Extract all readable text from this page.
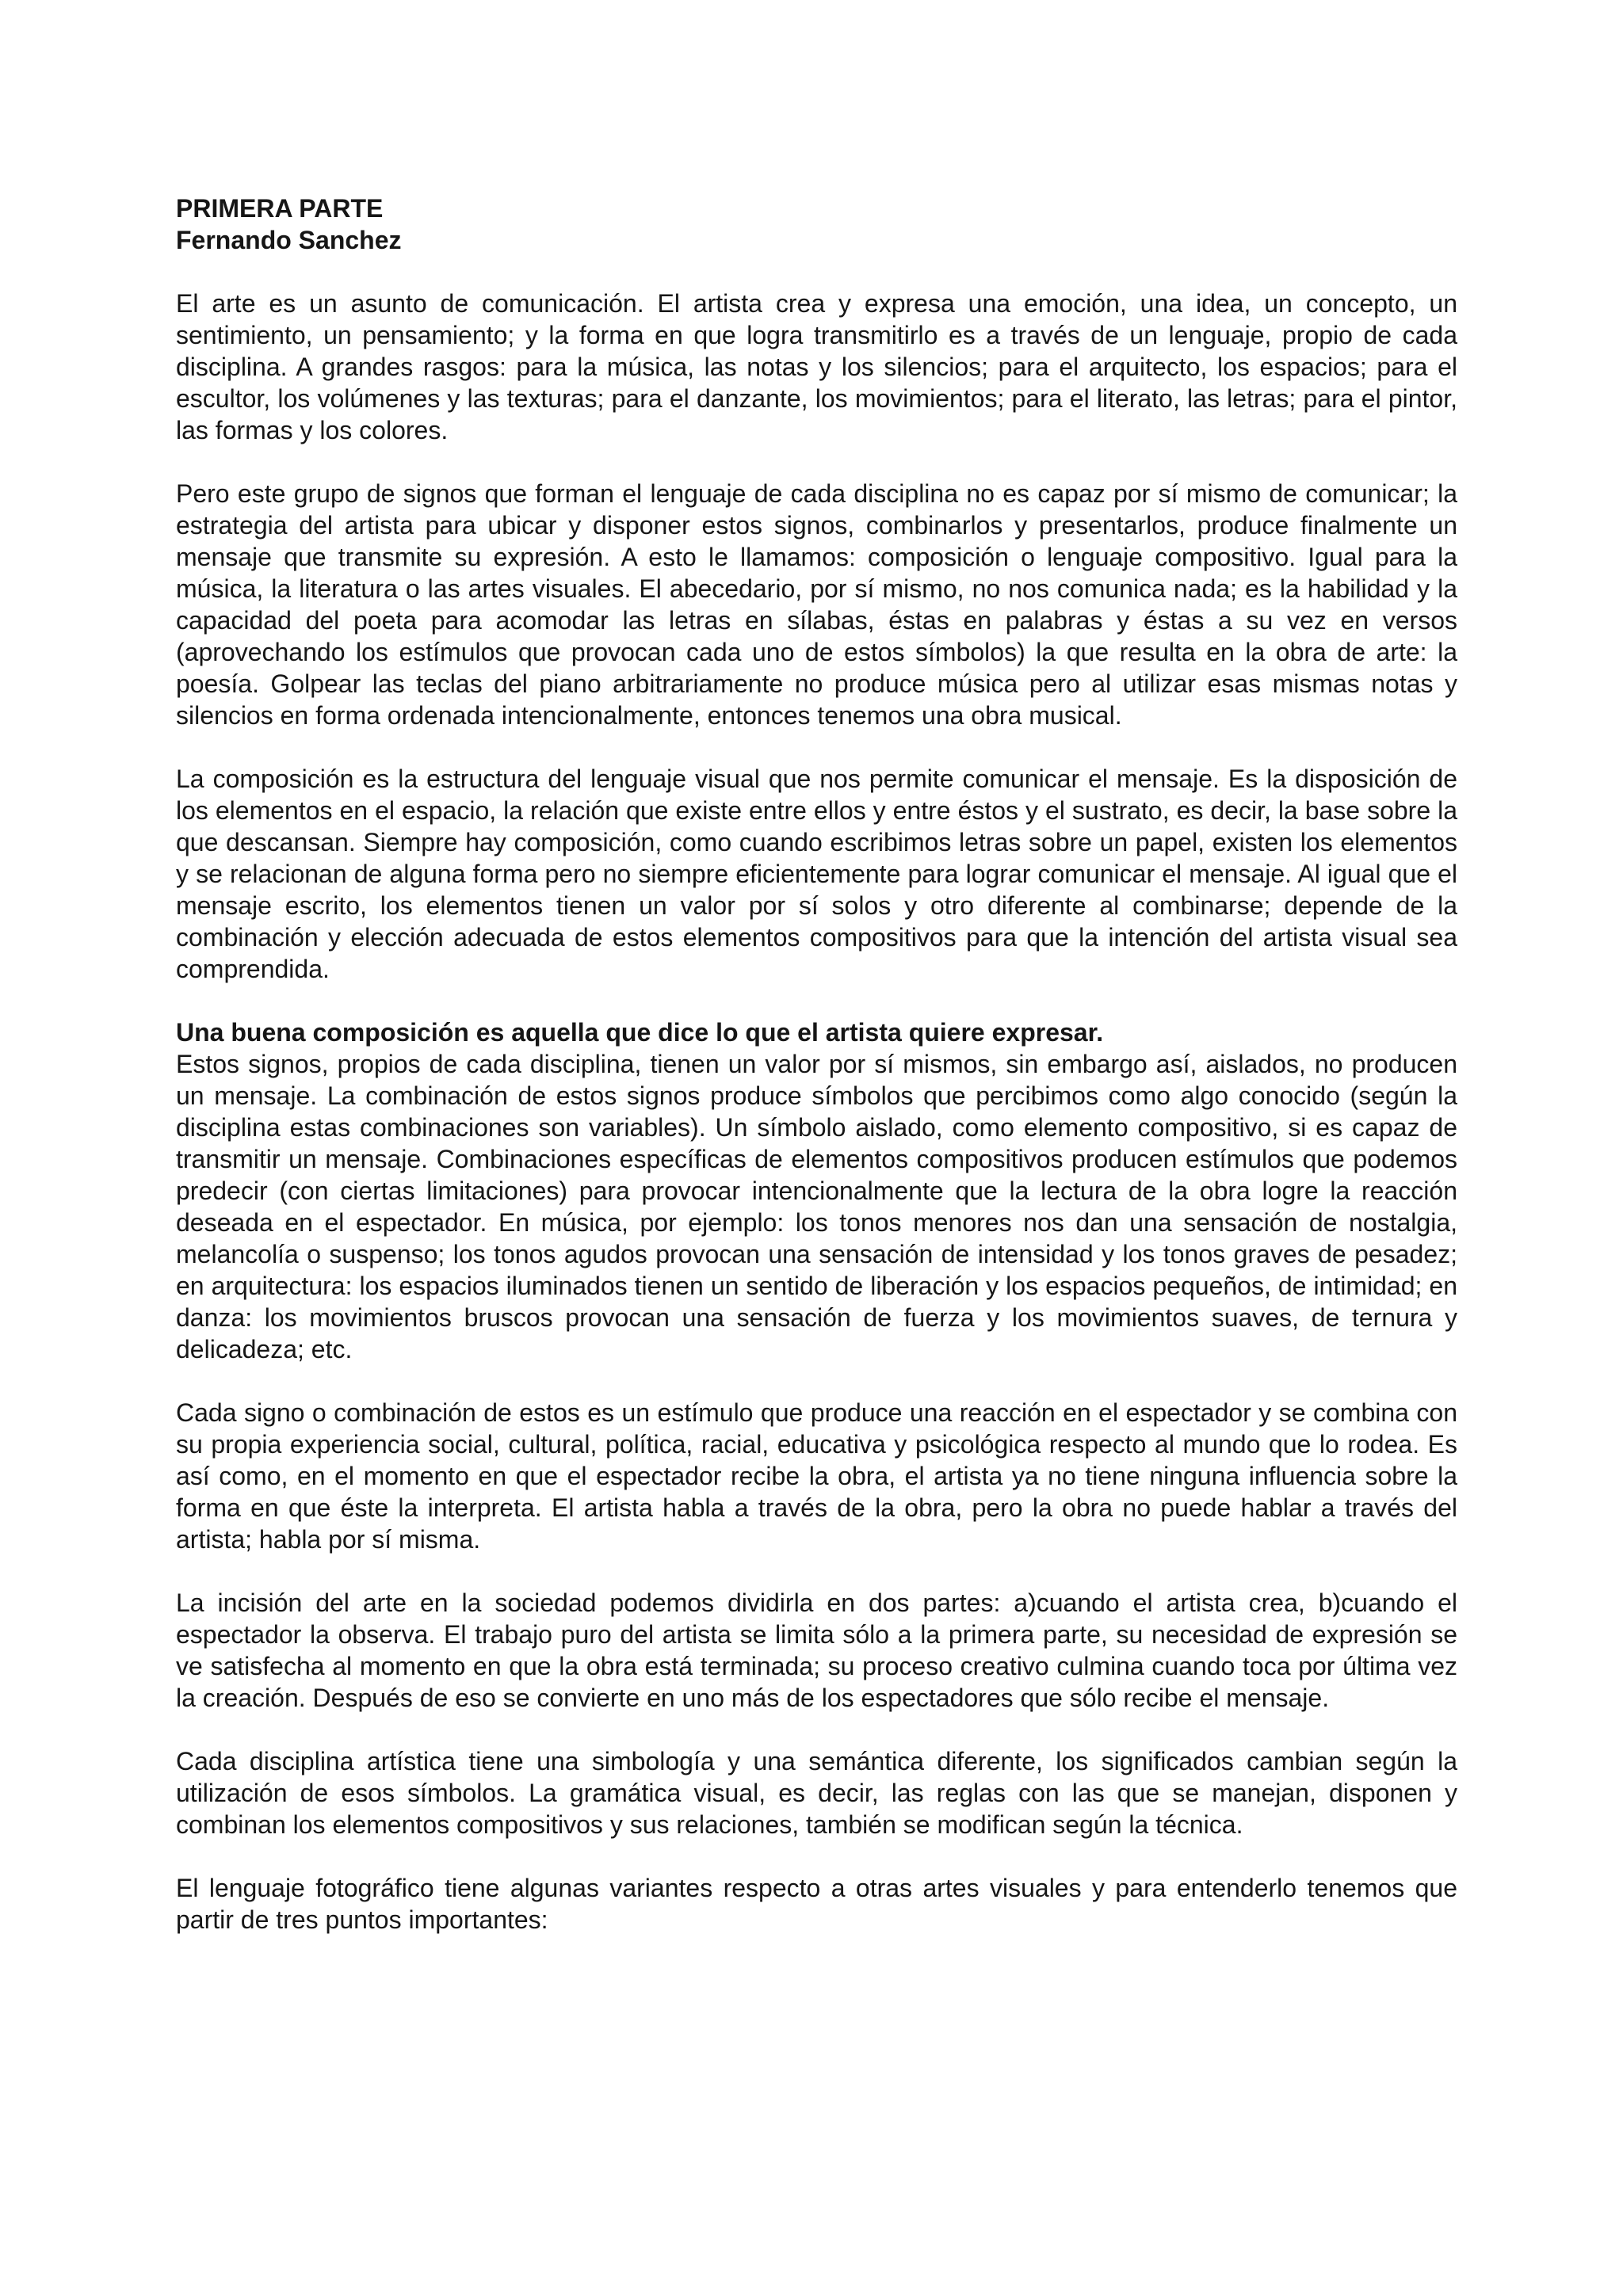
PRIMERA PARTE
Fernando Sanchez

El arte es un asunto de comunicación. El artista crea y expresa una emoción, una idea, un concepto, un sentimiento, un pensamiento; y la forma en que logra transmitirlo es a través de un lenguaje, propio de cada disciplina. A grandes rasgos: para la música, las notas y los silencios; para el arquitecto, los espacios; para el escultor, los volúmenes y las texturas; para el danzante, los movimientos; para el literato, las letras; para el pintor, las formas y los colores.

Pero este grupo de signos que forman el lenguaje de cada disciplina no es capaz por sí mismo de comunicar; la estrategia del artista para ubicar y disponer estos signos, combinarlos y presentarlos, produce finalmente un mensaje que transmite su expresión. A esto le llamamos: composición o lenguaje compositivo. Igual para la música, la literatura o las artes visuales. El abecedario, por sí mismo, no nos comunica nada; es la habilidad y la capacidad del poeta para acomodar las letras en sílabas, éstas en palabras y éstas a su vez en versos (aprovechando los estímulos que provocan cada uno de estos símbolos) la que resulta en la obra de arte: la poesía. Golpear las teclas del piano arbitrariamente no produce música pero al utilizar esas mismas notas y silencios en forma ordenada intencionalmente, entonces tenemos una obra musical.

La composición es la estructura del lenguaje visual que nos permite comunicar el mensaje. Es la disposición de los elementos en el espacio, la relación que existe entre ellos y entre éstos y el sustrato, es decir, la base sobre la que descansan. Siempre hay composición, como cuando escribimos letras sobre un papel, existen los elementos y se relacionan de alguna forma pero no siempre eficientemente para lograr comunicar el mensaje. Al igual que el mensaje escrito, los elementos tienen un valor por sí solos y otro diferente al combinarse; depende de la combinación y elección adecuada de estos elementos compositivos para que la intención del artista visual sea comprendida.

Una buena composición es aquella que dice lo que el artista quiere expresar.

Estos signos, propios de cada disciplina, tienen un valor por sí mismos, sin embargo así, aislados, no producen un mensaje. La combinación de estos signos produce símbolos que percibimos como algo conocido (según la disciplina estas combinaciones son variables). Un símbolo aislado, como elemento compositivo, si es capaz de transmitir un mensaje. Combinaciones específicas de elementos compositivos producen estímulos que podemos predecir (con ciertas limitaciones) para provocar intencionalmente que la lectura de la obra logre la reacción deseada en el espectador. En música, por ejemplo: los tonos menores nos dan una sensación de nostalgia, melancolía o suspenso; los tonos agudos provocan una sensación de intensidad y los tonos graves de pesadez; en arquitectura: los espacios iluminados tienen un sentido de liberación y los espacios pequeños, de intimidad; en danza: los movimientos bruscos provocan una sensación de fuerza y los movimientos suaves, de ternura y delicadeza; etc.

Cada signo o combinación de estos es un estímulo que produce una reacción en el espectador y se combina con su propia experiencia social, cultural, política, racial, educativa y psicológica respecto al mundo que lo rodea. Es así como, en el momento en que el espectador recibe la obra, el artista ya no tiene ninguna influencia sobre la forma en que éste la interpreta. El artista habla a través de la obra, pero la obra no puede hablar a través del artista; habla por sí misma.

La incisión del arte en la sociedad podemos dividirla en dos partes: a)cuando el artista crea, b)cuando el espectador la observa. El trabajo puro del artista se limita sólo a la primera parte, su necesidad de expresión se ve satisfecha al momento en que la obra está terminada; su proceso creativo culmina cuando toca por última vez la creación. Después de eso se convierte en uno más de los espectadores que sólo recibe el mensaje.

Cada disciplina artística tiene una simbología y una semántica diferente, los significados cambian según la utilización de esos símbolos. La gramática visual, es decir, las reglas con las que se manejan, disponen y combinan los elementos compositivos y sus relaciones, también se modifican según la técnica.

El lenguaje fotográfico tiene algunas variantes respecto a otras artes visuales y para entenderlo tenemos que partir de tres puntos importantes:
